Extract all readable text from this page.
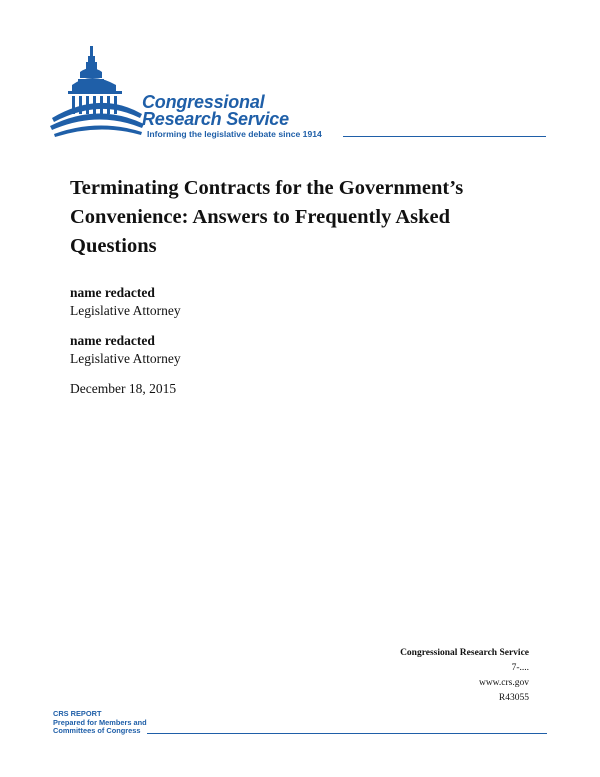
Congressional
Research Service
Informing the legislative debate since 1914
Terminating Contracts for the Government’s Convenience: Answers to Frequently Asked Questions
name redacted
Legislative Attorney
name redacted
Legislative Attorney
December 18, 2015
Congressional Research Service
7-....
www.crs.gov
R43055
CRS REPORT
Prepared for Members and
Committees of Congress
